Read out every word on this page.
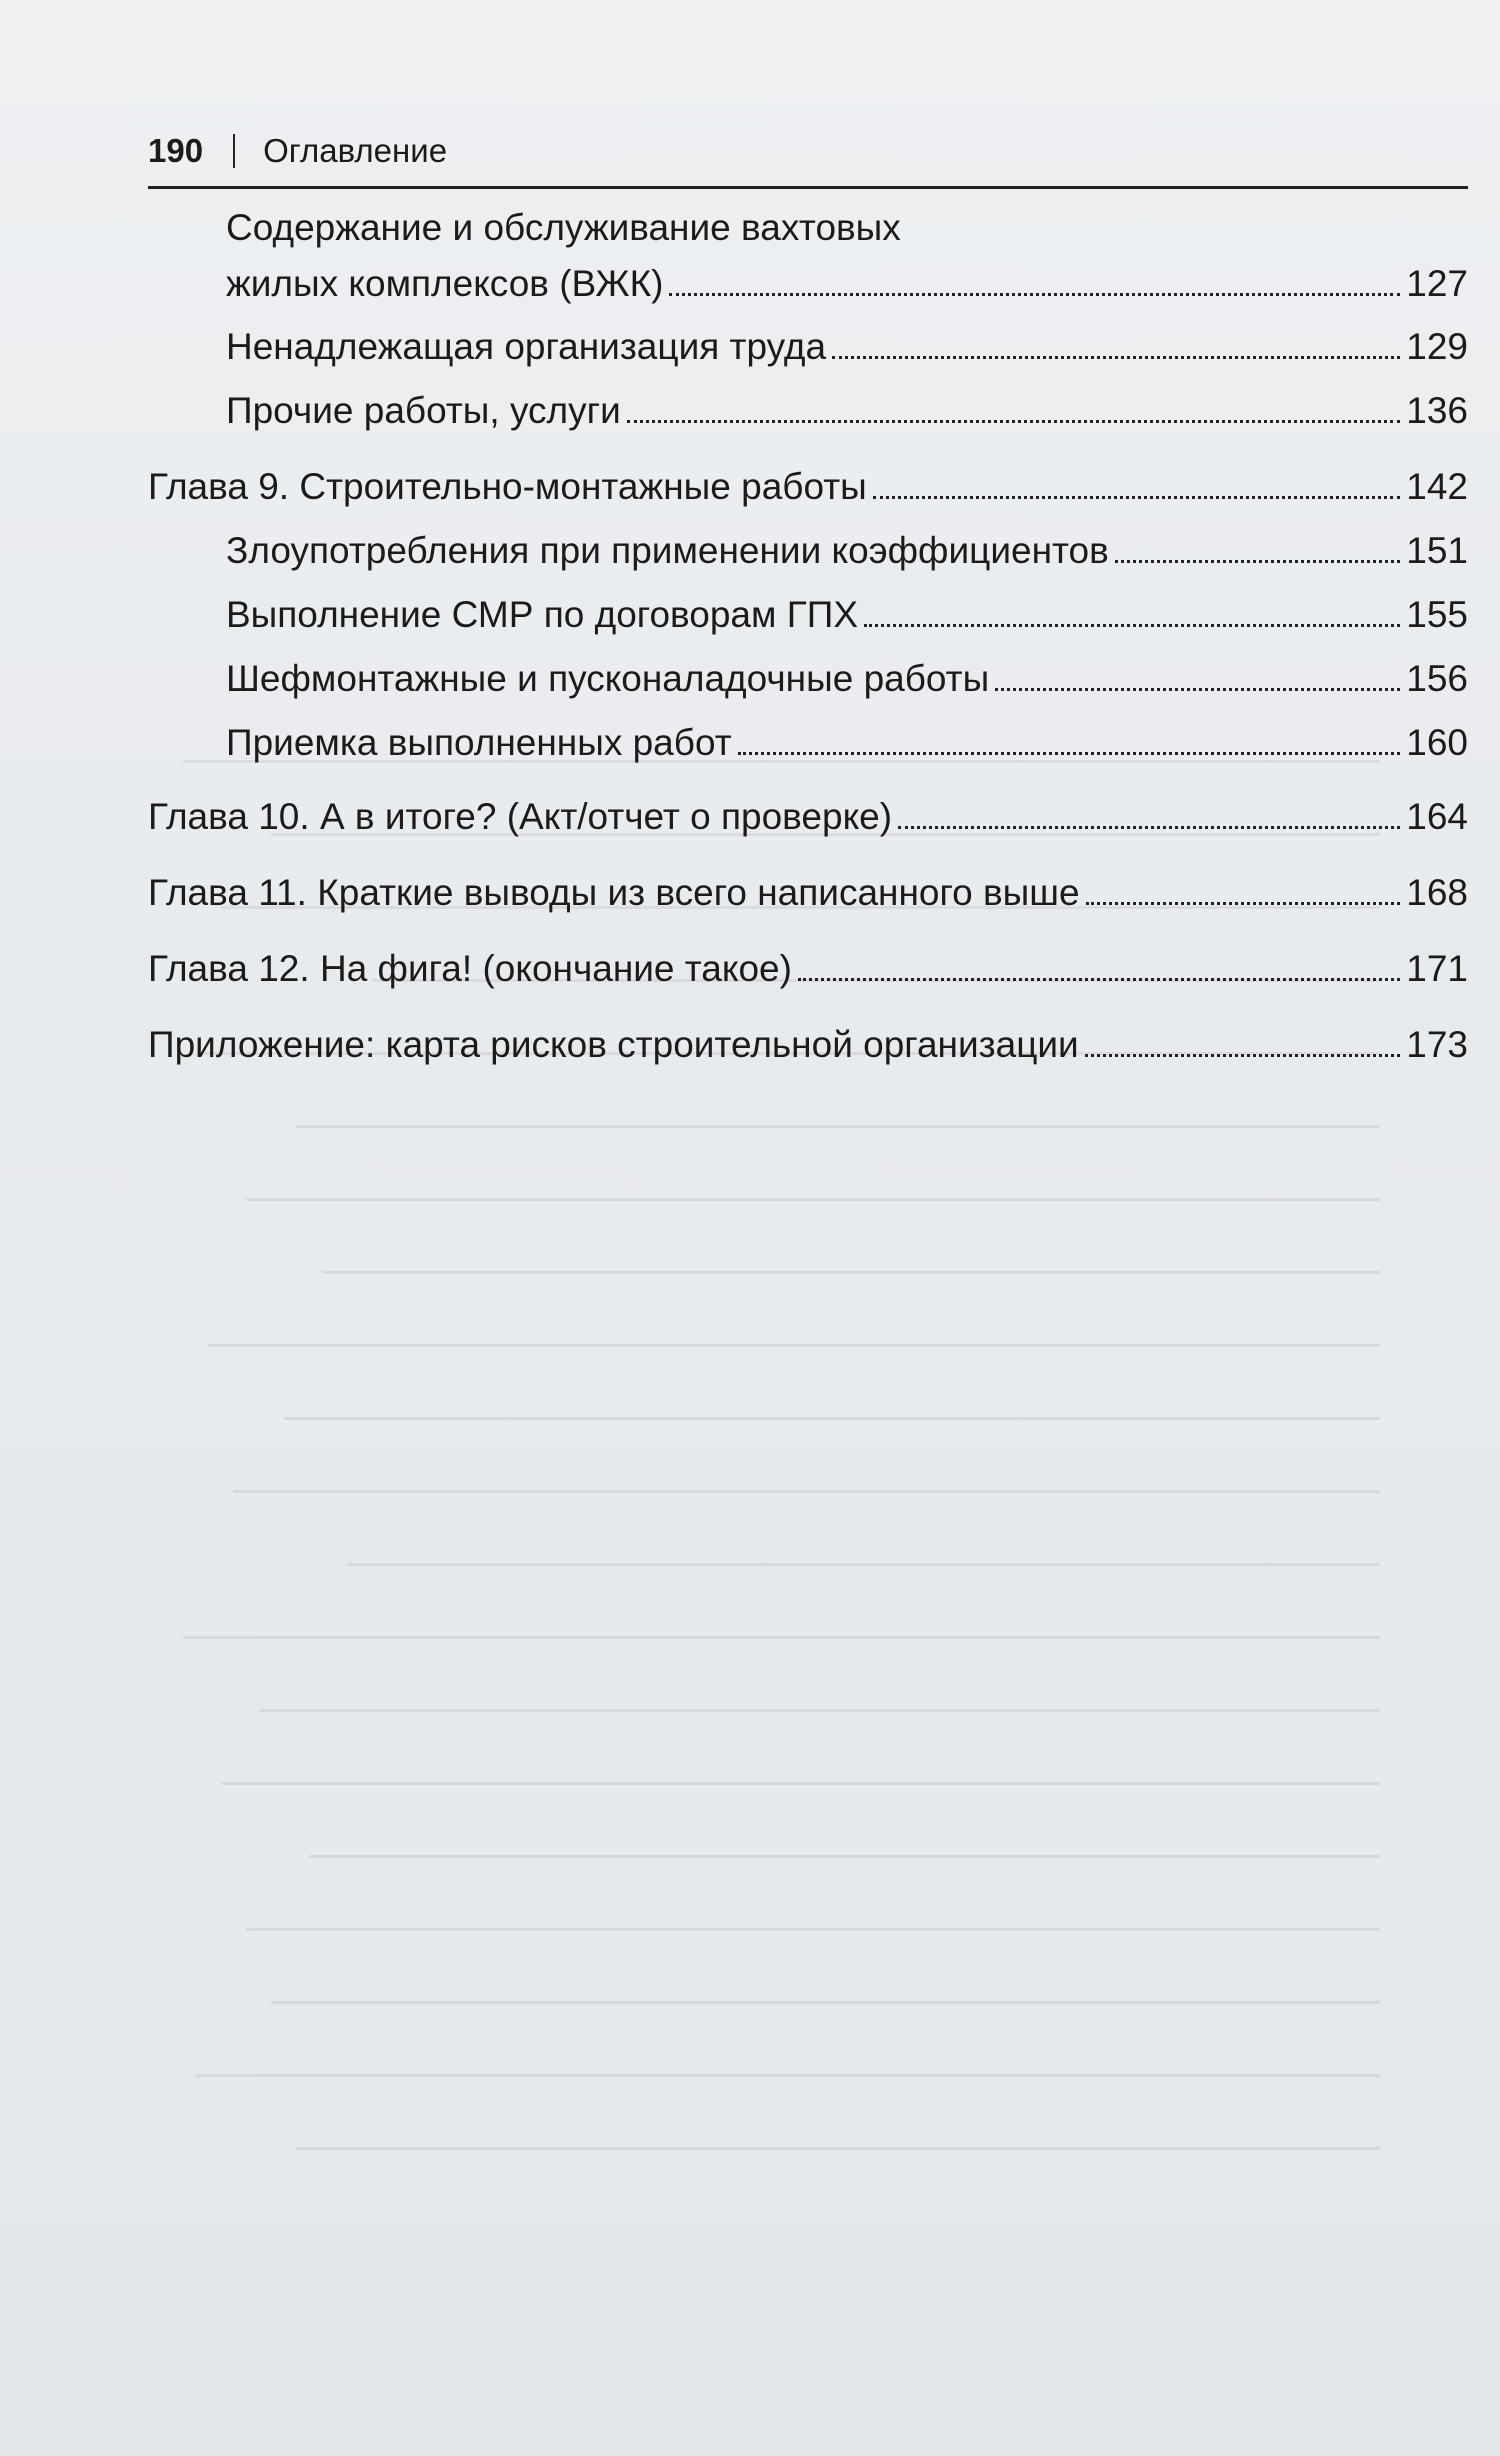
190 Оглавление
Содержание и обслуживание вахтовых
жилых комплексов (ВЖК)	127
Ненадлежащая организация труда	129
Прочие работы, услуги	136
Глава 9. Строительно-монтажные работы	142
Злоупотребления при применении коэффициентов	151
Выполнение СМР по договорам ГПХ	155
Шефмонтажные и пусконаладочные работы	156
Приемка выполненных работ	160
Глава 10. А в итоге? (Акт/отчет о проверке)	164
Глава 11. Краткие выводы из всего написанного выше	168
Глава 12. На фига! (окончание такое)	171
Приложение: карта рисков строительной организации	173
